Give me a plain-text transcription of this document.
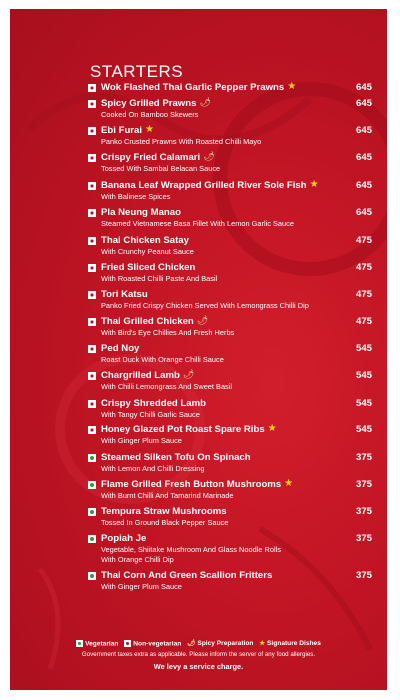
STARTERS
Wok Flashed Thai Garlic Pepper Prawns ★	645
Spicy Grilled Prawns 🌶︎
Cooked On Bamboo Skewers
645
Ebi Furai ★
Panko Crusted Prawns With Roasted Chilli Mayo
645
Crispy Fried Calamari 🌶︎
Tossed With Sambal Belacan Sauce
645
Banana Leaf Wrapped Grilled River Sole Fish ★
With Balinese Spices
645
Pla Neung Manao
Steamed Vietnamese Basa Fillet With Lemon Garlic Sauce
645
Thai Chicken Satay
With Crunchy Peanut Sauce
475
Fried Sliced Chicken
With Roasted Chilli Paste And Basil
475
Tori Katsu
Panko Fried Crispy Chicken Served With Lemongrass Chilli Dip
475
Thai Grilled Chicken 🌶︎
With Bird's Eye Chillies And Fresh Herbs
475
Ped Noy
Roast Duck With Orange Chilli Sauce
545
Chargrilled Lamb 🌶︎
With Chilli Lemongrass And Sweet Basil
545
Crispy Shredded Lamb
With Tangy Chilli Garlic Sauce
545
Honey Glazed Pot Roast Spare Ribs ★
With Ginger Plum Sauce
545
Steamed Silken Tofu On Spinach
With Lemon And Chilli Dressing
375
Flame Grilled Fresh Button Mushrooms ★
With Burnt Chilli And Tamarind Marinade
375
Tempura Straw Mushrooms
Tossed In Ground Black Pepper Sauce
375
Popiah Je
Vegetable, Shiitake Mushroom And Glass Noodle Rolls
With Orange Chilli Dip
375
Thai Corn And Green Scallion Fritters
With Ginger Plum Sauce
375
Vegetarian Non-vegetarian 🌶︎ Spicy Preparation ★ Signature Dishes
Government taxes extra as applicable. Please inform the server of any food allergies.
We levy a service charge.
